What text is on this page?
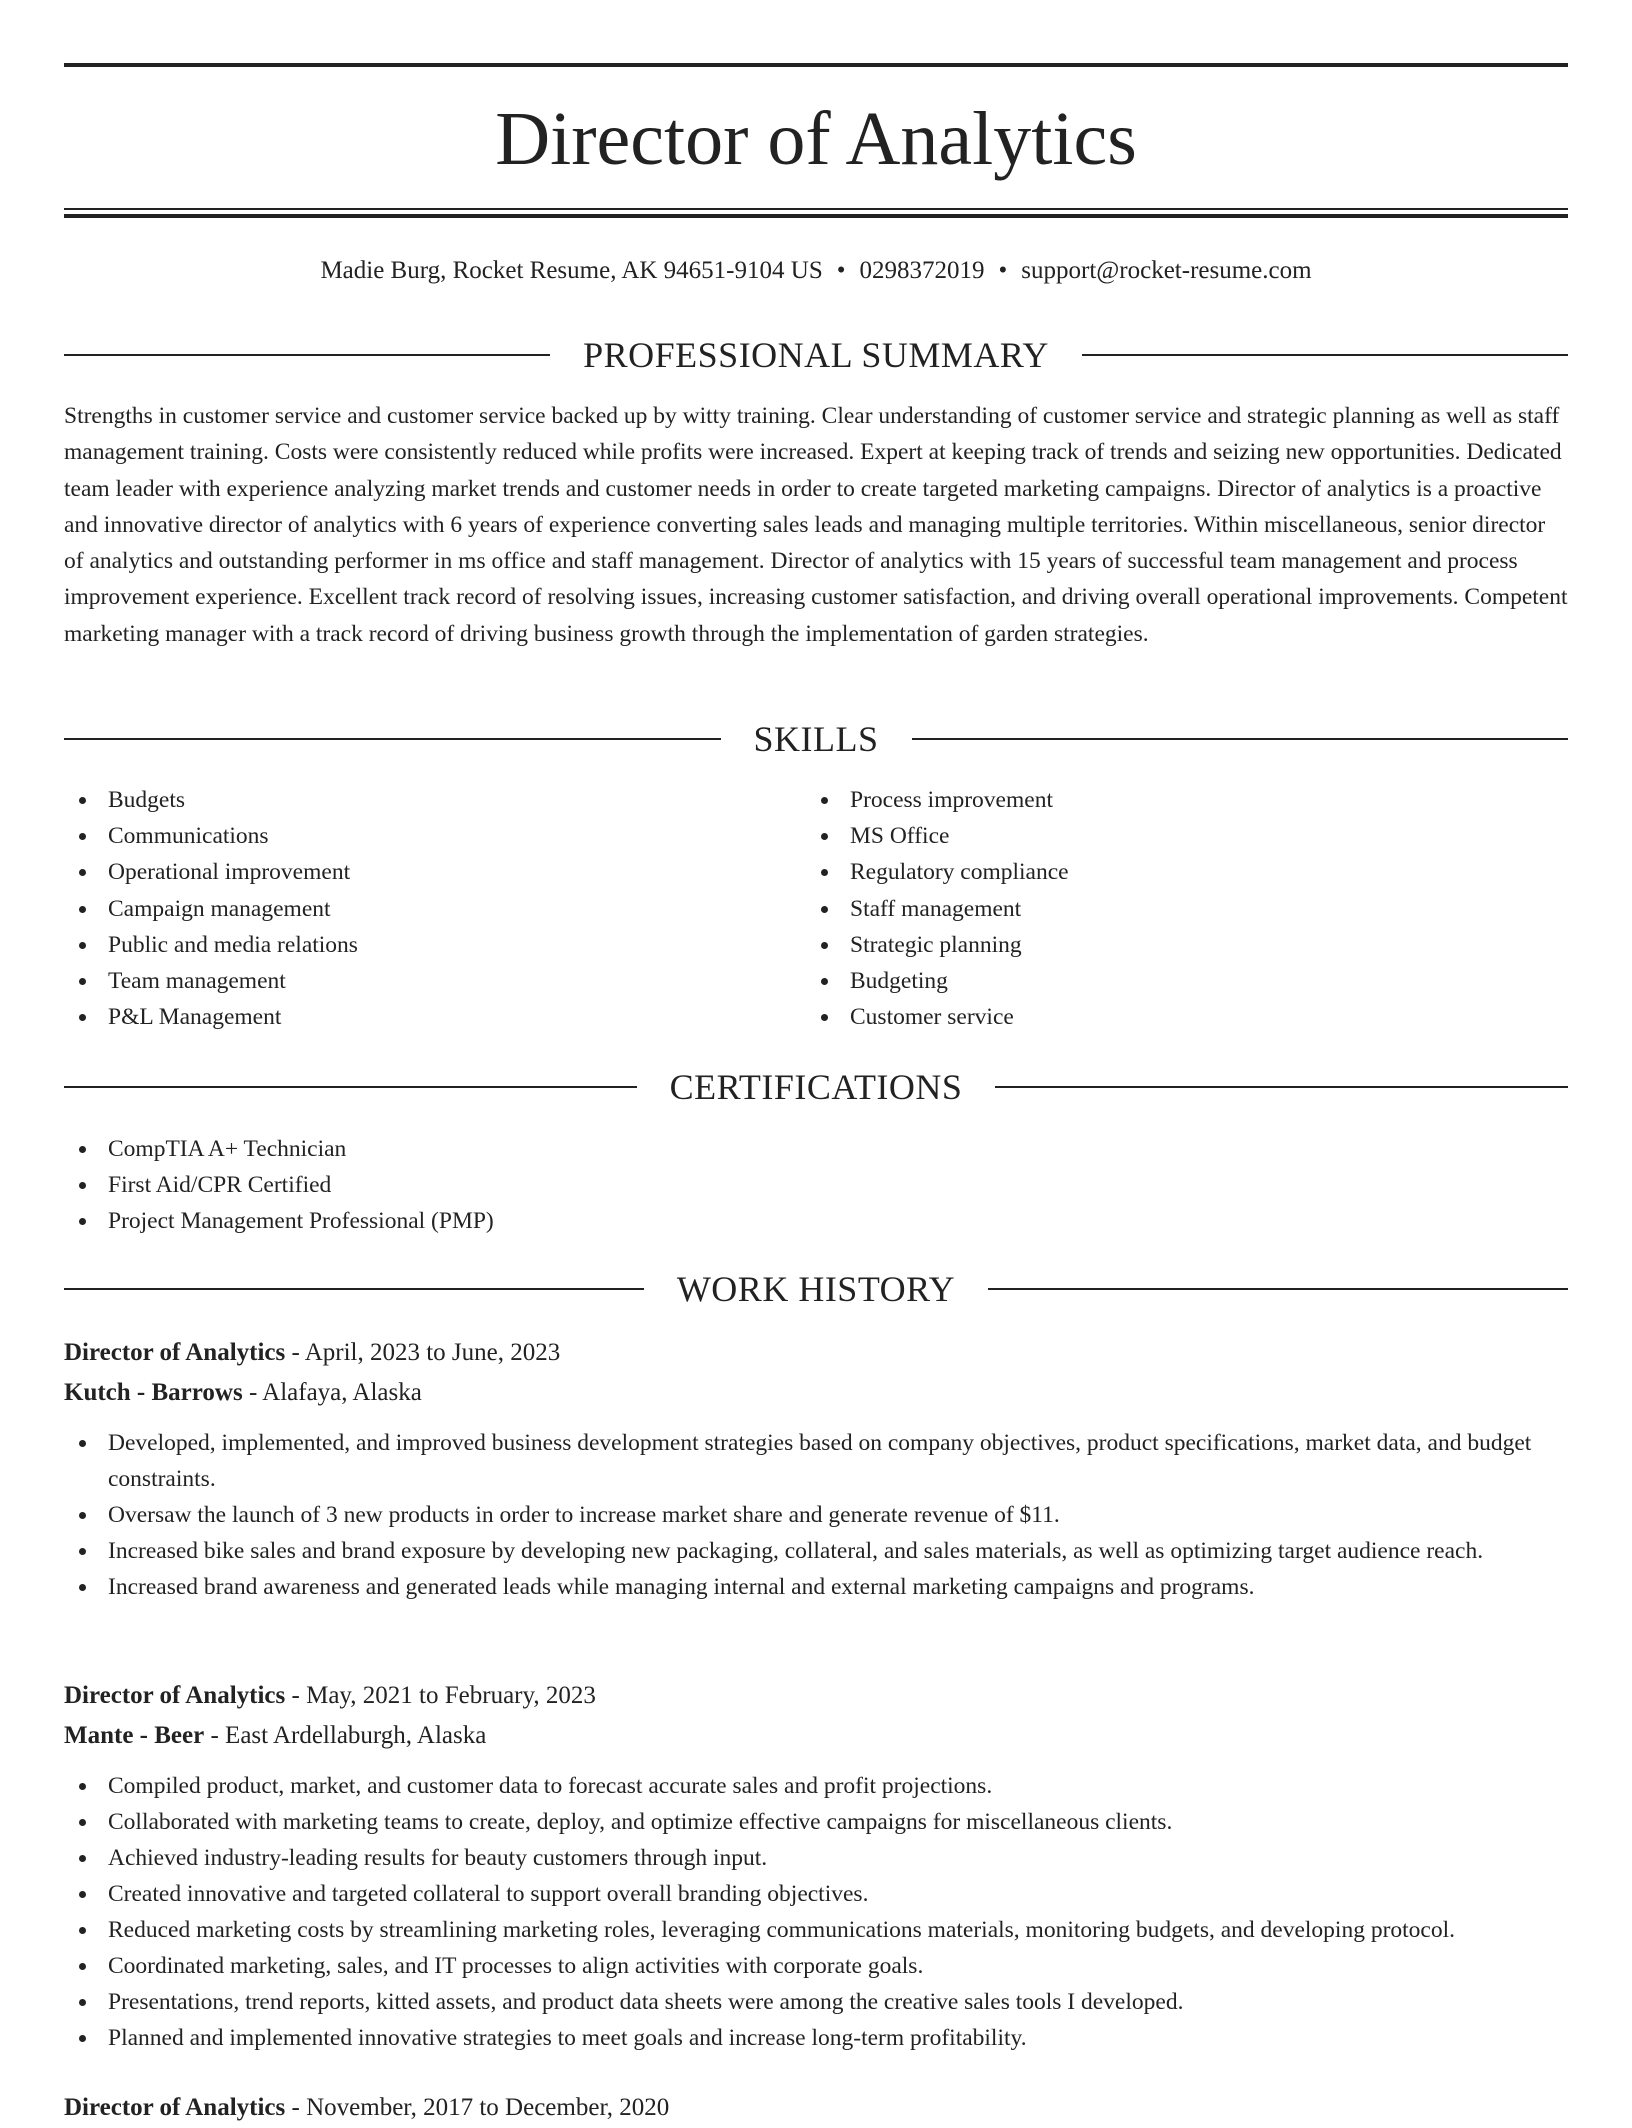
Director of Analytics
Madie Burg, Rocket Resume, AK 94651-9104 US • 0298372019 • support@rocket-resume.com
PROFESSIONAL SUMMARY

Strengths in customer service and customer service backed up by witty training. Clear understanding of customer service and strategic planning as well as staff management training. Costs were consistently reduced while profits were increased. Expert at keeping track of trends and seizing new opportunities. Dedicated team leader with experience analyzing market trends and customer needs in order to create targeted marketing campaigns. Director of analytics is a proactive and innovative director of analytics with 6 years of experience converting sales leads and managing multiple territories. Within miscellaneous, senior director of analytics and outstanding performer in ms office and staff management. Director of analytics with 15 years of successful team management and process improvement experience. Excellent track record of resolving issues, increasing customer satisfaction, and driving overall operational improvements. Competent marketing manager with a track record of driving business growth through the implementation of garden strategies.

SKILLS
Budgets
Communications
Operational improvement
Campaign management
Public and media relations
Team management
P&L Management
Process improvement
MS Office
Regulatory compliance
Staff management
Strategic planning
Budgeting
Customer service
CERTIFICATIONS
CompTIA A+ Technician
First Aid/CPR Certified
Project Management Professional (PMP)
WORK HISTORY
Director of Analytics - April, 2023 to June, 2023
Kutch - Barrows - Alafaya, Alaska
Developed, implemented, and improved business development strategies based on company objectives, product specifications, market data, and budget constraints.
Oversaw the launch of 3 new products in order to increase market share and generate revenue of $11.
Increased bike sales and brand exposure by developing new packaging, collateral, and sales materials, as well as optimizing target audience reach.
Increased brand awareness and generated leads while managing internal and external marketing campaigns and programs.
Director of Analytics - May, 2021 to February, 2023
Mante - Beer - East Ardellaburgh, Alaska
Compiled product, market, and customer data to forecast accurate sales and profit projections.
Collaborated with marketing teams to create, deploy, and optimize effective campaigns for miscellaneous clients.
Achieved industry-leading results for beauty customers through input.
Created innovative and targeted collateral to support overall branding objectives.
Reduced marketing costs by streamlining marketing roles, leveraging communications materials, monitoring budgets, and developing protocol.
Coordinated marketing, sales, and IT processes to align activities with corporate goals.
Presentations, trend reports, kitted assets, and product data sheets were among the creative sales tools I developed.
Planned and implemented innovative strategies to meet goals and increase long-term profitability.
Director of Analytics - November, 2017 to December, 2020
